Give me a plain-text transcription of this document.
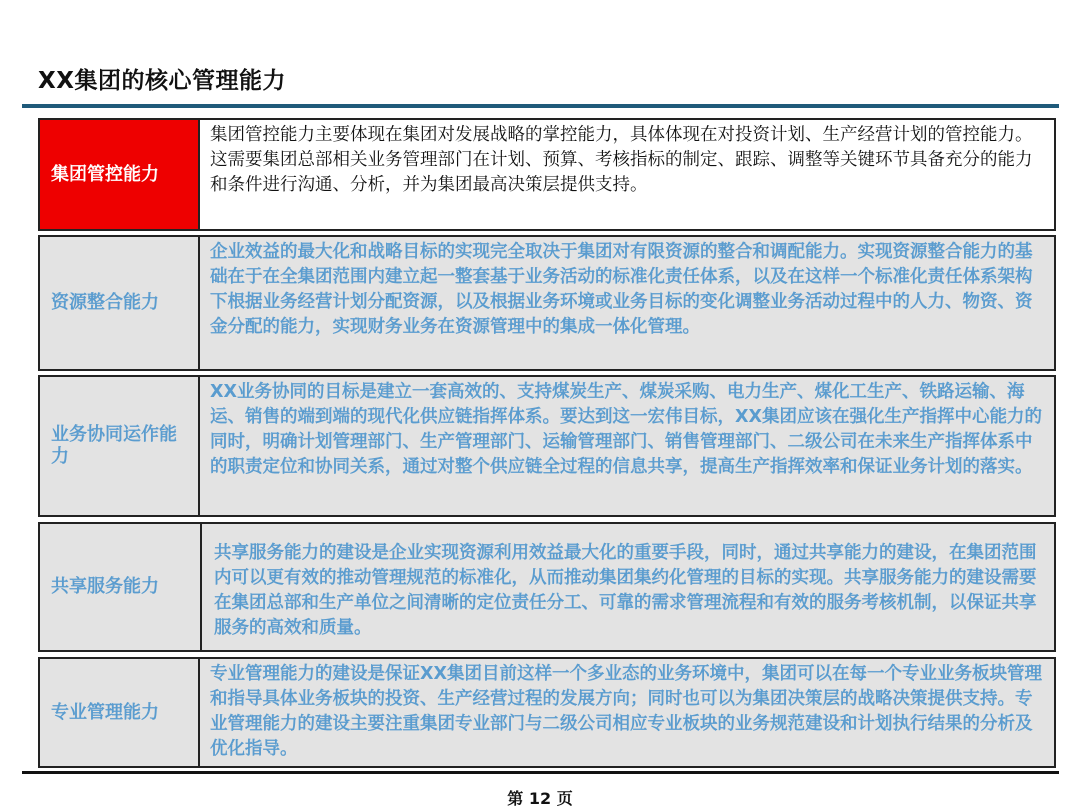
XX集团的核心管理能力
集团管控能力
集团管控能力主要体现在集团对发展战略的掌控能力，具体体现在对投资计划、生产经营计划的管控能力。这需要集团总部相关业务管理部门在计划、预算、考核指标的制定、跟踪、调整等关键环节具备充分的能力和条件进行沟通、分析，并为集团最高决策层提供支持。
资源整合能力
企业效益的最大化和战略目标的实现完全取决于集团对有限资源的整合和调配能力。实现资源整合能力的基础在于在全集团范围内建立起一整套基于业务活动的标准化责任体系，以及在这样一个标准化责任体系架构下根据业务经营计划分配资源，以及根据业务环境或业务目标的变化调整业务活动过程中的人力、物资、资金分配的能力，实现财务业务在资源管理中的集成一体化管理。
业务协同运作能力
XX业务协同的目标是建立一套高效的、支持煤炭生产、煤炭采购、电力生产、煤化工生产、铁路运输、海运、销售的端到端的现代化供应链指挥体系。要达到这一宏伟目标，XX集团应该在强化生产指挥中心能力的同时，明确计划管理部门、生产管理部门、运输管理部门、销售管理部门、二级公司在未来生产指挥体系中的职责定位和协同关系，通过对整个供应链全过程的信息共享，提高生产指挥效率和保证业务计划的落实。
共享服务能力
共享服务能力的建设是企业实现资源利用效益最大化的重要手段，同时，通过共享能力的建设，在集团范围内可以更有效的推动管理规范的标准化，从而推动集团集约化管理的目标的实现。共享服务能力的建设需要在集团总部和生产单位之间清晰的定位责任分工、可靠的需求管理流程和有效的服务考核机制，以保证共享服务的高效和质量。
专业管理能力
专业管理能力的建设是保证XX集团目前这样一个多业态的业务环境中，集团可以在每一个专业业务板块管理和指导具体业务板块的投资、生产经营过程的发展方向；同时也可以为集团决策层的战略决策提供支持。专业管理能力的建设主要注重集团专业部门与二级公司相应专业板块的业务规范建设和计划执行结果的分析及优化指导。
第 12 页
